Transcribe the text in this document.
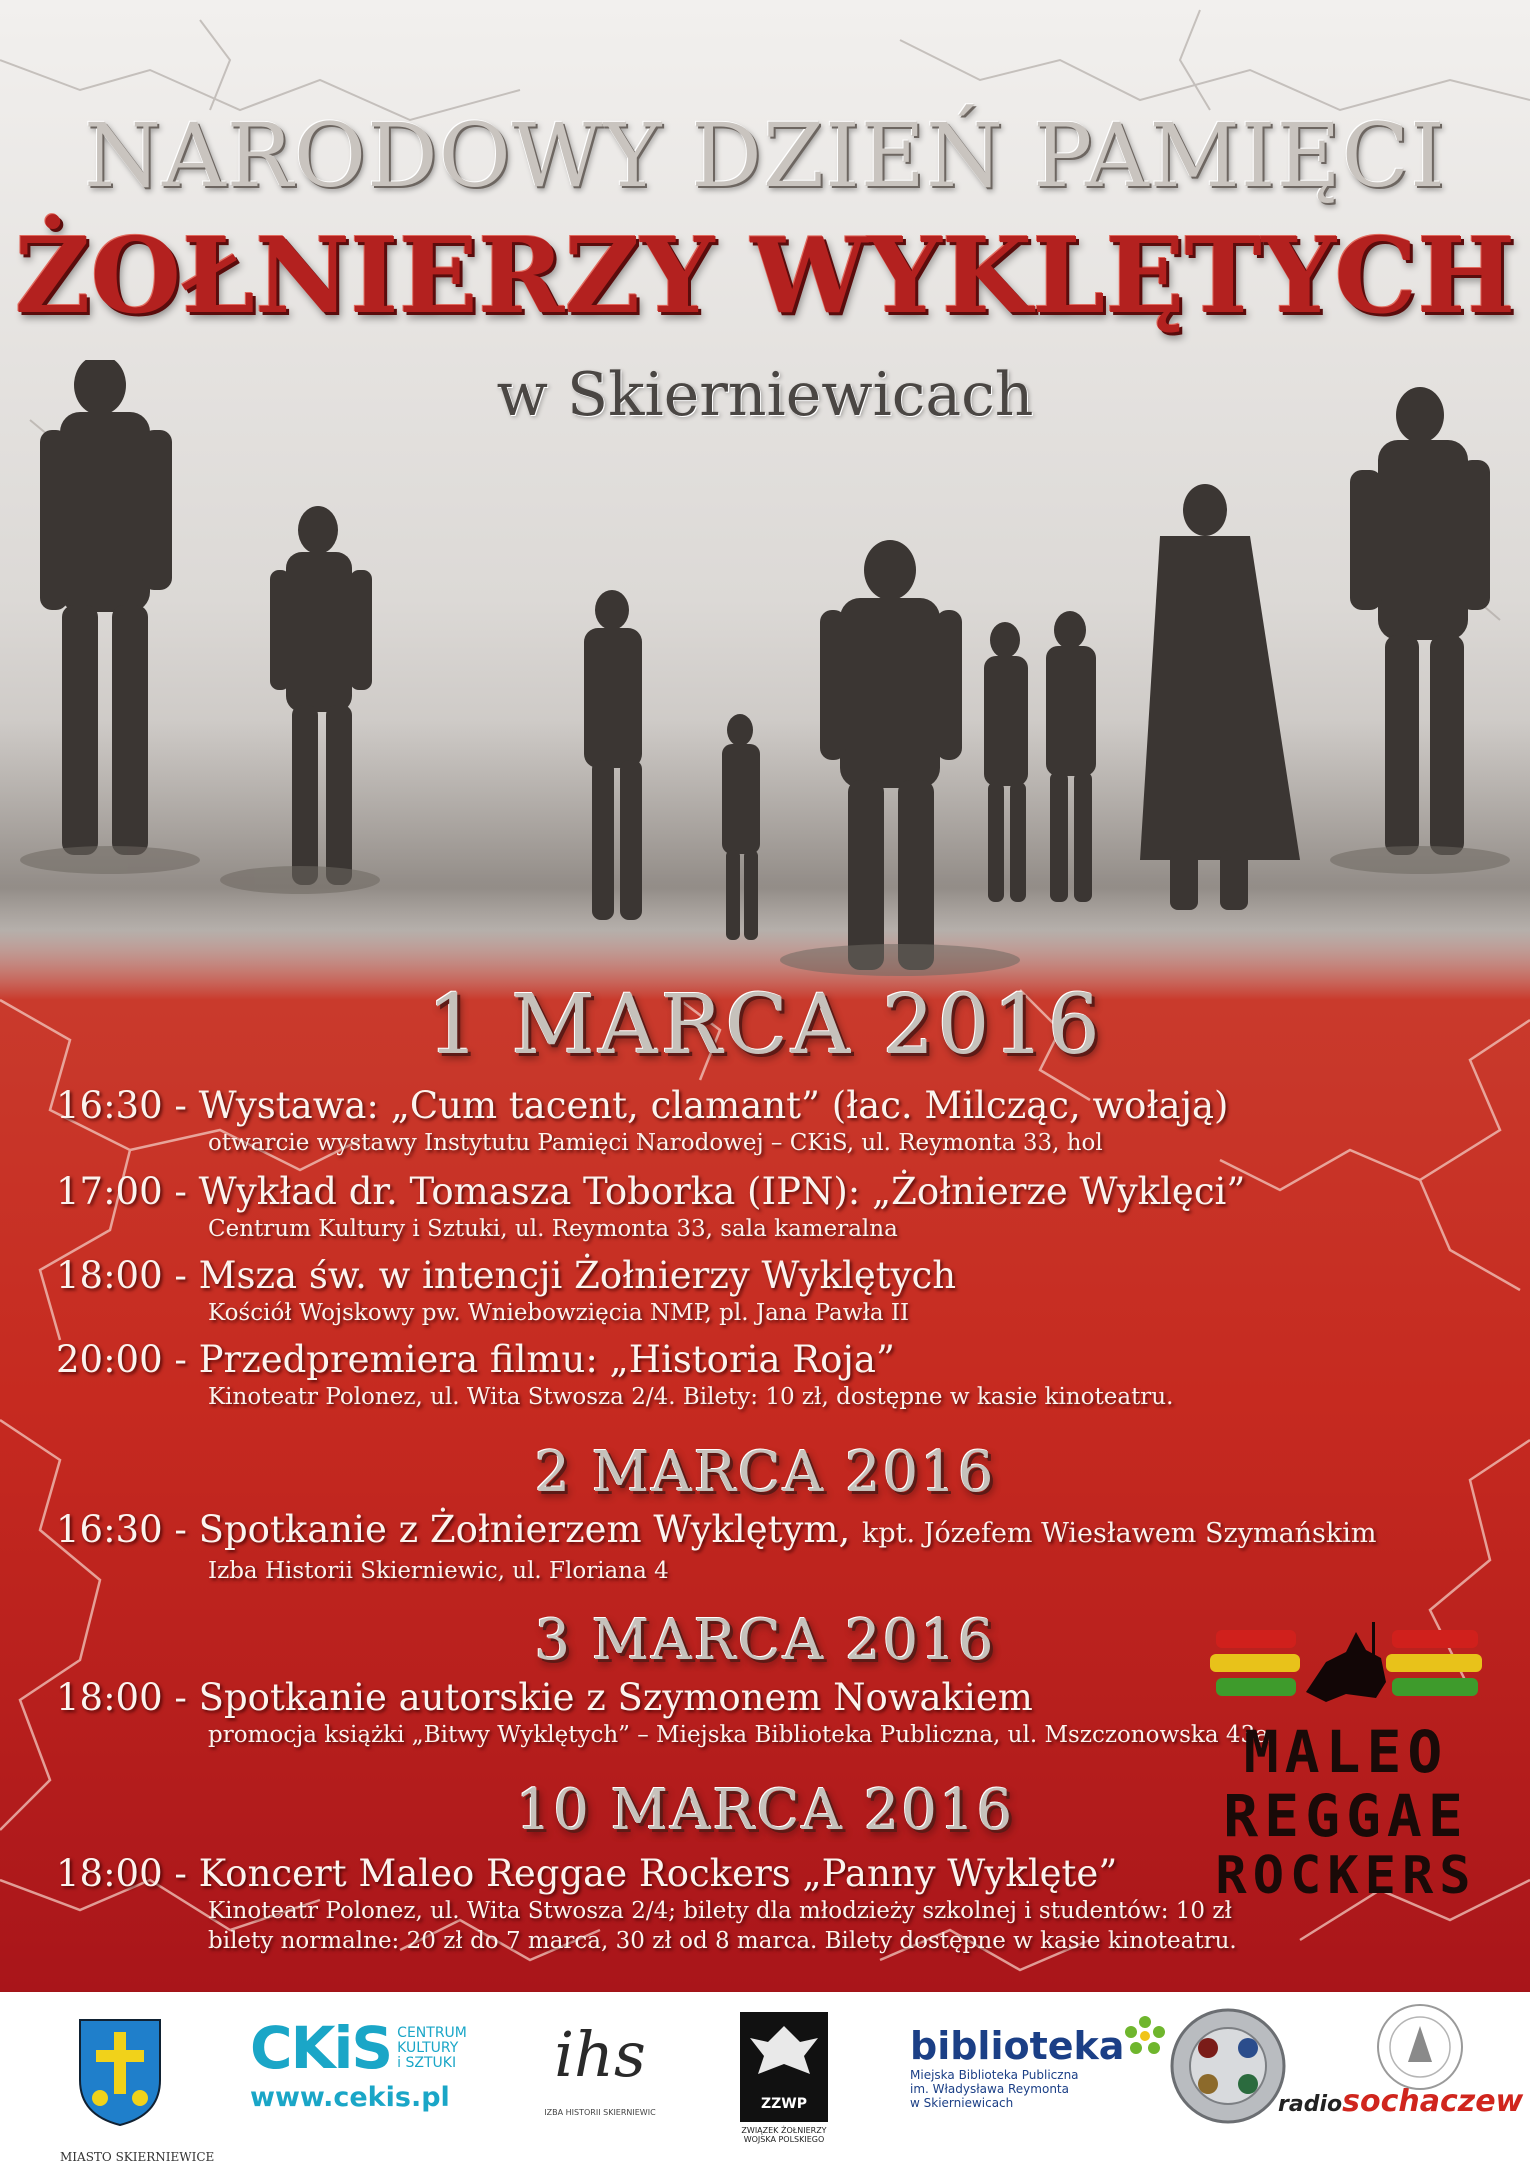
NARODOWY DZIEŃ PAMIĘCI
ŻOŁNIERZY WYKLĘTYCH
w Skierniewicach
1 MARCA 2016
16:30 - Wystawa: „Cum tacent, clamant” (łac. Milcząc, wołają)
otwarcie wystawy Instytutu Pamięci Narodowej – CKiS, ul. Reymonta 33, hol
17:00 - Wykład dr. Tomasza Toborka (IPN): „Żołnierze Wyklęci”
Centrum Kultury i Sztuki, ul. Reymonta 33, sala kameralna
18:00 - Msza św. w intencji Żołnierzy Wyklętych
Kościół Wojskowy pw. Wniebowzięcia NMP, pl. Jana Pawła II
20:00 - Przedpremiera filmu: „Historia Roja”
Kinoteatr Polonez, ul. Wita Stwosza 2/4. Bilety: 10 zł, dostępne w kasie kinoteatru.
2 MARCA 2016
16:30 - Spotkanie z Żołnierzem Wyklętym, kpt. Józefem Wiesławem Szymańskim
Izba Historii Skierniewic, ul. Floriana 4
3 MARCA 2016
18:00 - Spotkanie autorskie z Szymonem Nowakiem
promocja książki „Bitwy Wyklętych” – Miejska Biblioteka Publiczna, ul. Mszczonowska 43a
10 MARCA 2016
18:00 - Koncert Maleo Reggae Rockers „Panny Wyklęte”
Kinoteatr Polonez, ul. Wita Stwosza 2/4; bilety dla młodzieży szkolnej i studentów: 10 zł
bilety normalne: 20 zł do 7 marca, 30 zł od 8 marca. Bilety dostępne w kasie kinoteatru.
MALEO
REGGAE
ROCKERS
MIASTO SKIERNIEWICE
CKiS CENTRUM
KULTURY
i SZTUKI
www.cekis.pl
ihs
IZBA HISTORII SKIERNIEWIC
ZZWP
ZWIĄZEK ŻOŁNIERZY
WOJSKA POLSKIEGO
biblioteka
Miejska Biblioteka Publiczna
im. Władysława Reymonta
w Skierniewicach	radiosochaczew
